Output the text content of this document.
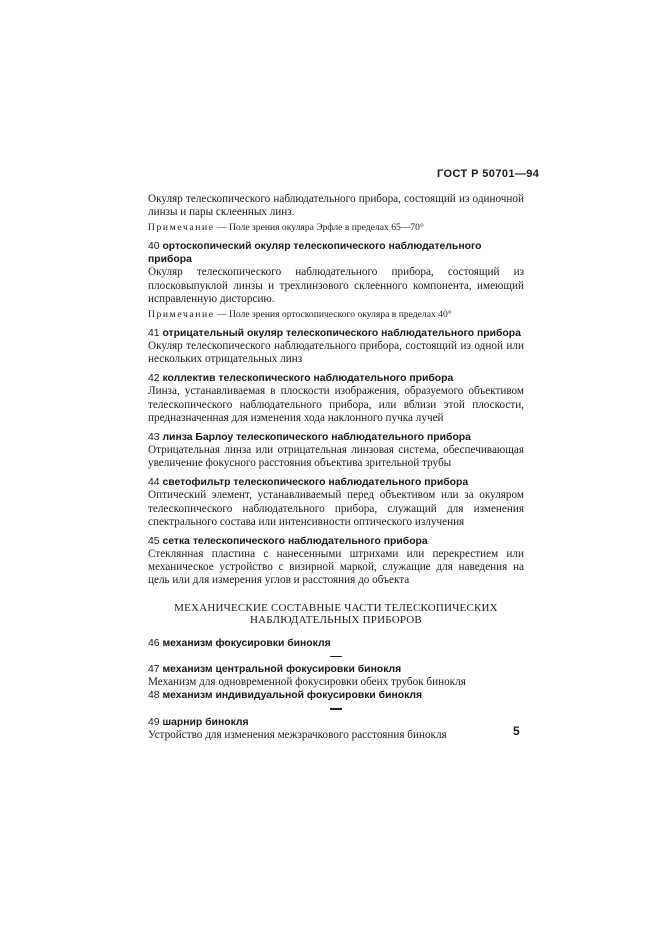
ГОСТ Р 50701—94

Окуляр телескопического наблюдательного прибора, состоящий из одиночной линзы и пары склеенных линз.

Примечание — Поле зрения окуляра Эрфле в пределах 65—70°

40 ортоскопический окуляр телескопического наблюдательного прибора

Окуляр телескопического наблюдательного прибора, состоящий из плосковыпуклой линзы и трехлинзового склеенного компонента, имеющий исправленную дисторсию.

Примечание — Поле зрения ортоскопического окуляра в пределах 40°

41 отрицательный окуляр телескопического наблюдательного прибора

Окуляр телескопического наблюдательного прибора, состоящий из одной или нескольких отрицательных линз

42 коллектив телескопического наблюдательного прибора

Линза, устанавливаемая в плоскости изображения, образуемого объективом телескопического наблюдательного прибора, или вблизи этой плоскости, предназначенная для изменения хода наклонного пучка лучей

43 линза Барлоу телескопического наблюдательного прибора

Отрицательная линза или отрицательная линзовая система, обеспечивающая увеличение фокусного расстояния объектива зрительной трубы

44 светофильтр телескопического наблюдательного прибора

Оптический элемент, устанавливаемый перед объективом или за окуляром телескопического наблюдательного прибора, служащий для изменения спектрального состава или интенсивности оптического излучения

45 сетка телескопического наблюдательного прибора

Стеклянная пластина с нанесенными штрихами или перекрестием или механическое устройство с визирной маркой, служащие для наведения на цель или для измерения углов и расстояния до объекта

МЕХАНИЧЕСКИЕ СОСТАВНЫЕ ЧАСТИ ТЕЛЕСКОПИЧЕСКИХ НАБЛЮДАТЕЛЬНЫХ ПРИБОРОВ

46 механизм фокусировки бинокля

47 механизм центральной фокусировки бинокля

Механизм для одновременной фокусировки обеих трубок бинокля

48 механизм индивидуальной фокусировки бинокля

49 шарнир бинокля

Устройство для изменения межзрачкового расстояния бинокля	5
